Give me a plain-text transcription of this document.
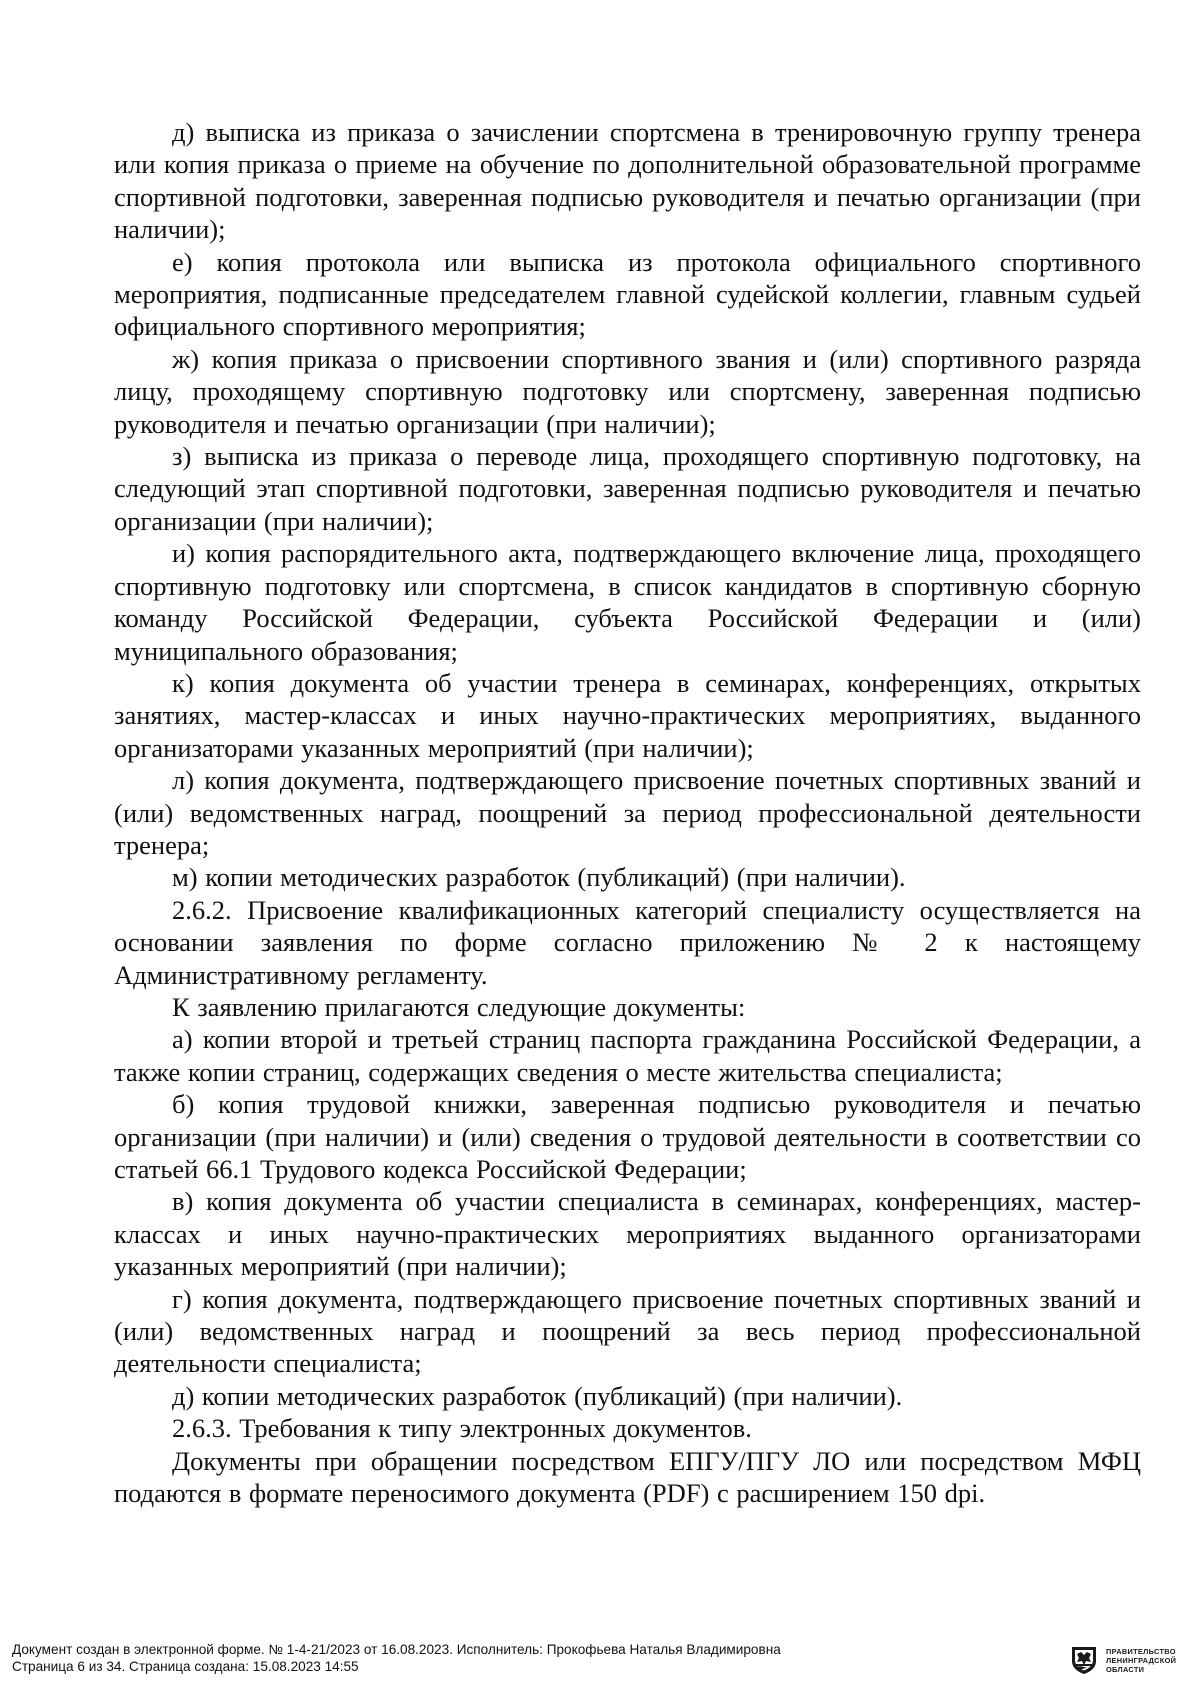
д) выписка из приказа о зачислении спортсмена в тренировочную группу тренера или копия приказа о приеме на обучение по дополнительной образовательной программе спортивной подготовки, заверенная подписью руководителя и печатью организации (при наличии);

е) копия протокола или выписка из протокола официального спортивного мероприятия, подписанные председателем главной судейской коллегии, главным судьей официального спортивного мероприятия;

ж) копия приказа о присвоении спортивного звания и (или) спортивного разряда лицу, проходящему спортивную подготовку или спортсмену, заверенная подписью руководителя и печатью организации (при наличии);

з) выписка из приказа о переводе лица, проходящего спортивную подготовку, на следующий этап спортивной подготовки, заверенная подписью руководителя и печатью организации (при наличии);

и) копия распорядительного акта, подтверждающего включение лица, проходящего спортивную подготовку или спортсмена, в список кандидатов в спортивную сборную команду Российской Федерации, субъекта Российской Федерации и (или) муниципального образования;

к) копия документа об участии тренера в семинарах, конференциях, открытых занятиях, мастер-классах и иных научно-практических мероприятиях, выданного организаторами указанных мероприятий (при наличии);

л) копия документа, подтверждающего присвоение почетных спортивных званий и (или) ведомственных наград, поощрений за период профессиональной деятельности тренера;

м) копии методических разработок (публикаций) (при наличии).

2.6.2. Присвоение квалификационных категорий специалисту осуществляется на основании заявления по форме согласно приложению № 2 к настоящему Административному регламенту.

К заявлению прилагаются следующие документы:

а) копии второй и третьей страниц паспорта гражданина Российской Федерации, а также копии страниц, содержащих сведения о месте жительства специалиста;

б) копия трудовой книжки, заверенная подписью руководителя и печатью организации (при наличии) и (или) сведения о трудовой деятельности в соответствии со статьей 66.1 Трудового кодекса Российской Федерации;

в) копия документа об участии специалиста в семинарах, конференциях, мастер-классах и иных научно-практических мероприятиях выданного организаторами указанных мероприятий (при наличии);

г) копия документа, подтверждающего присвоение почетных спортивных званий и (или) ведомственных наград и поощрений за весь период профессиональной деятельности специалиста;

д) копии методических разработок (публикаций) (при наличии).

2.6.3. Требования к типу электронных документов.

Документы при обращении посредством ЕПГУ/ПГУ ЛО или посредством МФЦ подаются в формате переносимого документа (PDF) с расширением 150 dpi.

Документ создан в электронной форме. № 1-4-21/2023 от 16.08.2023. Исполнитель: Прокофьева Наталья Владимировна
Страница 6 из 34. Страница создана: 15.08.2023 14:55
ПРАВИТЕЛЬСТВО
ЛЕНИНГРАДСКОЙ
ОБЛАСТИ
